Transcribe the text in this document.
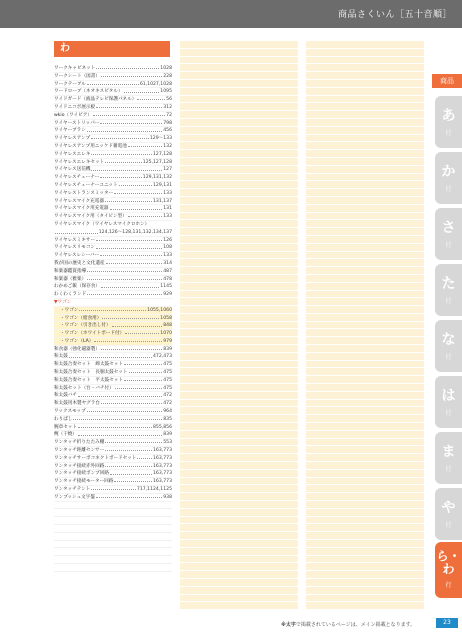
商品さくいん［五十音順］
わ
ワークキャビネット	1028
ワークシート（図書）	228
ワークテーブル	61,1027,1028
ワードローブ（ネオキスビタル）	1095
ワイドガード（液晶テレビ保護パネル）	56
ワイドニコポ展示板	312
wkio（ワイビア）	72
ワイヤーストリッパー	798
ワイヤーブラシ	456
ワイヤレスアンプ	129〜133
ワイヤレスアンプ用ニッケド蓄電池	132
ワイヤレスエレキ	127,128
ワイヤレスエレキセット	125,127,128
ワイヤレス送信機	127
ワイヤレスチューナー	129,131,132
ワイヤレスチューナーユニット	129,131
ワイヤレストランスミッター	133
ワイヤレスマイク充電器	131,137
ワイヤレスマイク用充電器	131
ワイヤレスマイク用（タイピン型）	133
ワイヤレスマイク（ワイヤレスマイクロホン）
124,126〜128,131,132,134,137
ワイヤレスミキサー	126
ワイヤレスリモコン	108
ワイヤレスレシーバー	133
我が国の歴史と文化遺産	314
和楽器鑑賞指導	487
和楽器（雅楽）	478
わかめご飯（保存食）	1145
わくわくランド	929
▼ワゴン
・ワゴン	1055,1060
・ワゴン（給食用）	1058
・ワゴン（引き出し付）	848
・ワゴン（ホワイトボード付）	1070
・ワゴン（LA）	979
和食器（強化磁器製）	839
和太鼓	472,473
和太鼓合奏セット　締太鼓セット	475
和太鼓合奏セット　長胴太鼓セット	475
和太鼓合奏セット　平太鼓セット	475
和太鼓セット（台・バチ付）	475
和太鼓バチ	472
和太鼓用木製ヤグラ台	472
ワックスモップ	964
わりばし	835
腕章セット	855,856
椀（干焼）	839
ワンタッチ折りたたみ棚	553
ワンタッチ距離センサー	163,773
ワンタッチサーボコネクトボードセット	163,773
ワンタッチ接続赤外回路	163,773
ワンタッチ接続ポンプ回路	163,773
ワンタッチ接続モーター回路	163,773
ワンタッチテント	717,1124,1125
ワンプッシュ文字盤	938
商品
あ
行
か
行
さ
行
た
行
な
行
は
行
ま
行
や
行
ら・わ
行
※太字で掲載されているページは、メイン掲載となります。	23
